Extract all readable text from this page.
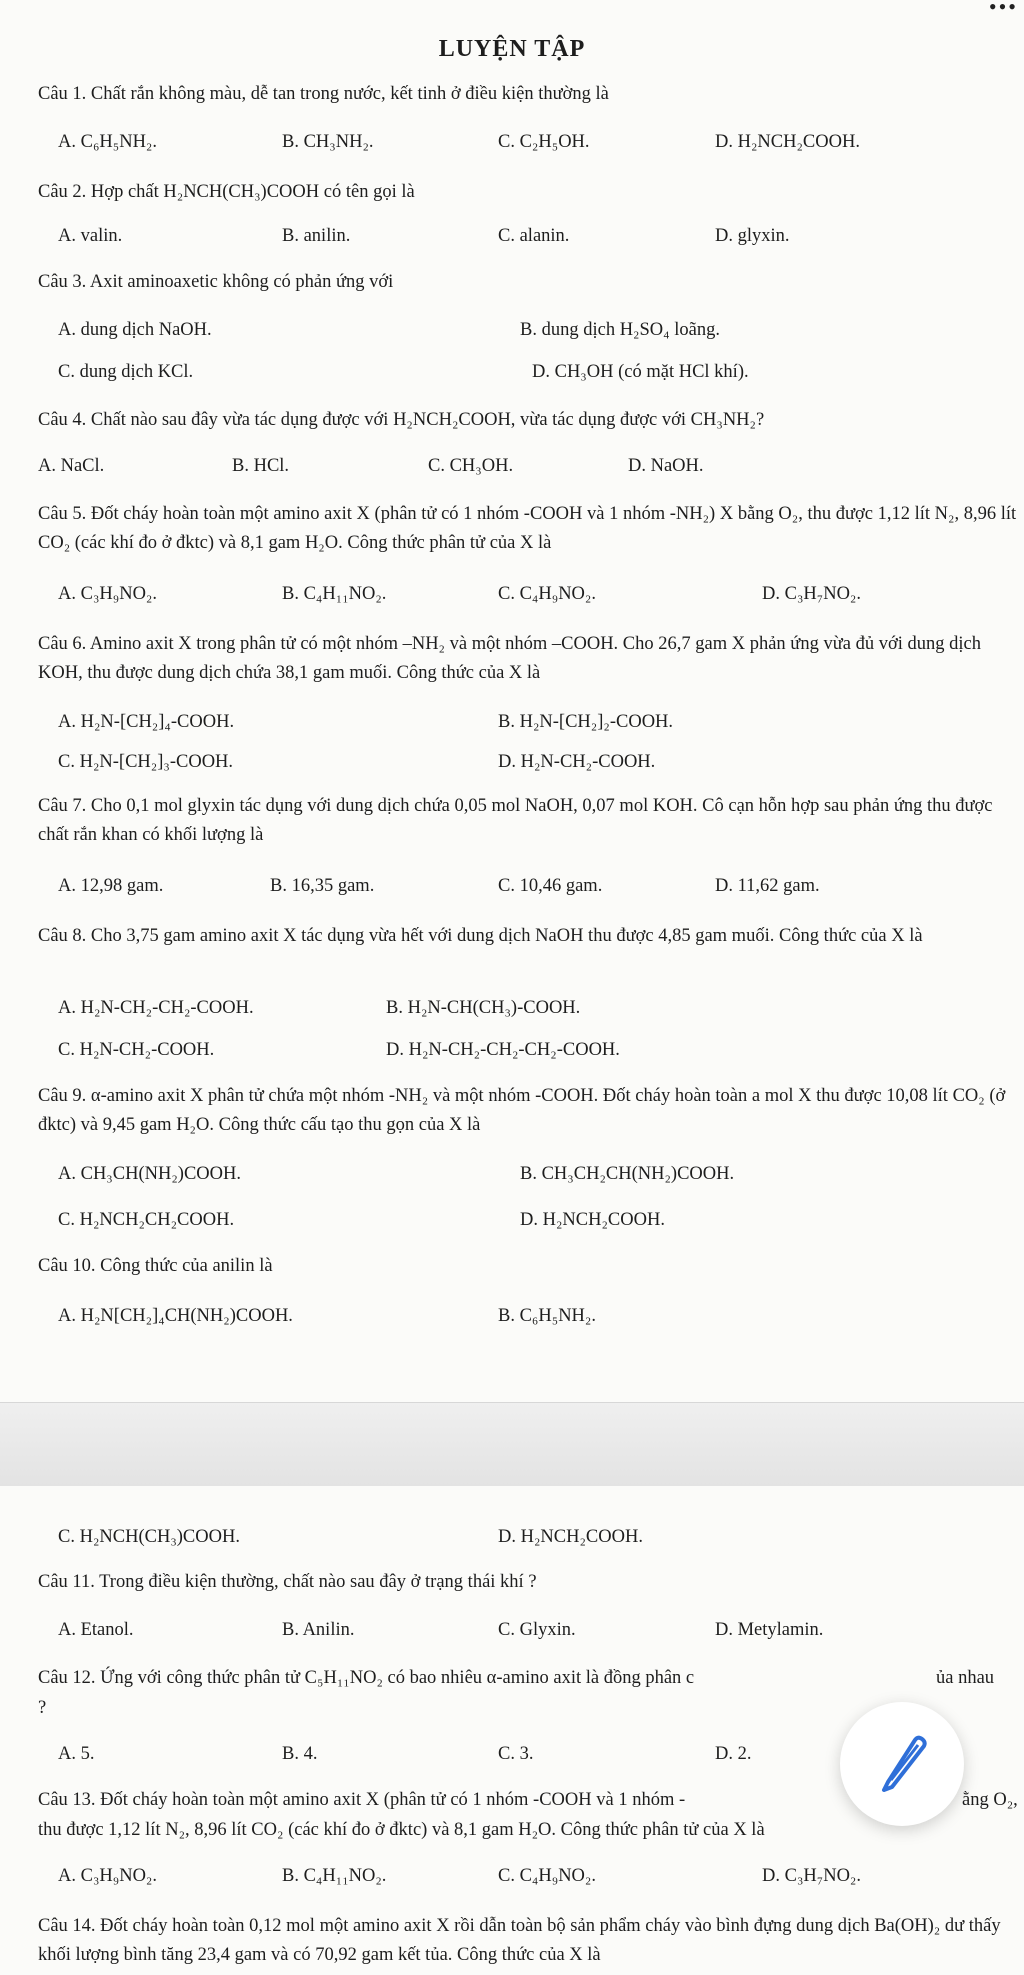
•••
LUYỆN TẬP
Câu 1. Chất rắn không màu, dễ tan trong nước, kết tinh ở điều kiện thường là
A. C₆H₅NH₂.	B. CH₃NH₂.	C. C₂H₅OH.	D. H₂NCH₂COOH.
Câu 2. Hợp chất H₂NCH(CH₃)COOH có tên gọi là
A. valin.	B. anilin.	C. alanin.	D. glyxin.
Câu 3. Axit aminoaxetic không có phản ứng với
A. dung dịch NaOH.	B. dung dịch H₂SO₄ loãng.
C. dung dịch KCl.	D. CH₃OH (có mặt HCl khí).
Câu 4. Chất nào sau đây vừa tác dụng được với H₂NCH₂COOH, vừa tác dụng được với CH₃NH₂?
A. NaCl.	B. HCl.	C. CH₃OH.	D. NaOH.
Câu 5. Đốt cháy hoàn toàn một amino axit X (phân tử có 1 nhóm -COOH và 1 nhóm -NH₂) X bằng O₂, thu được 1,12 lít N₂, 8,96 lít CO₂ (các khí đo ở đktc) và 8,1 gam H₂O. Công thức phân tử của X là
A. C₃H₉NO₂.	B. C₄H₁₁NO₂.	C. C₄H₉NO₂.	D. C₃H₇NO₂.
Câu 6. Amino axit X trong phân tử có một nhóm –NH₂ và một nhóm –COOH. Cho 26,7 gam X phản ứng vừa đủ với dung dịch KOH, thu được dung dịch chứa 38,1 gam muối. Công thức của X là
A. H₂N-[CH₂]₄-COOH.	B. H₂N-[CH₂]₂-COOH.
C. H₂N-[CH₂]₃-COOH.	D. H₂N-CH₂-COOH.
Câu 7. Cho 0,1 mol glyxin tác dụng với dung dịch chứa 0,05 mol NaOH, 0,07 mol KOH. Cô cạn hỗn hợp sau phản ứng thu được chất rắn khan có khối lượng là
A. 12,98 gam.	B. 16,35 gam.	C. 10,46 gam.	D. 11,62 gam.
Câu 8. Cho 3,75 gam amino axit X tác dụng vừa hết với dung dịch NaOH thu được 4,85 gam muối. Công thức của X là
A. H₂N-CH₂-CH₂-COOH.	B. H₂N-CH(CH₃)-COOH.
C. H₂N-CH₂-COOH.	D. H₂N-CH₂-CH₂-CH₂-COOH.
Câu 9. α-amino axit X phân tử chứa một nhóm -NH₂ và một nhóm -COOH. Đốt cháy hoàn toàn a mol X thu được 10,08 lít CO₂ (ở đktc) và 9,45 gam H₂O. Công thức cấu tạo thu gọn của X là
A. CH₃CH(NH₂)COOH.	B. CH₃CH₂CH(NH₂)COOH.
C. H₂NCH₂CH₂COOH.	D. H₂NCH₂COOH.
Câu 10. Công thức của anilin là
A. H₂N[CH₂]₄CH(NH₂)COOH.	B. C₆H₅NH₂.
C. H₂NCH(CH₃)COOH.	D. H₂NCH₂COOH.
Câu 11. Trong điều kiện thường, chất nào sau đây ở trạng thái khí ?
A. Etanol.	B. Anilin.	C. Glyxin.	D. Metylamin.
Câu 12. Ứng với công thức phân tử C₅H₁₁NO₂ có bao nhiêu α-amino axit là đồng phân c	ủa nhau
?
A. 5.	B. 4.	C. 3.	D. 2.
Câu 13. Đốt cháy hoàn toàn một amino axit X (phân tử có 1 nhóm -COOH và 1 nhóm -	ằng O₂,
thu được 1,12 lít N₂, 8,96 lít CO₂ (các khí đo ở đktc) và 8,1 gam H₂O. Công thức phân tử của X là
A. C₃H₉NO₂.	B. C₄H₁₁NO₂.	C. C₄H₉NO₂.	D. C₃H₇NO₂.
Câu 14. Đốt cháy hoàn toàn 0,12 mol một amino axit X rồi dẫn toàn bộ sản phẩm cháy vào bình đựng dung dịch Ba(OH)₂ dư thấy khối lượng bình tăng 23,4 gam và có 70,92 gam kết tủa. Công thức của X là
